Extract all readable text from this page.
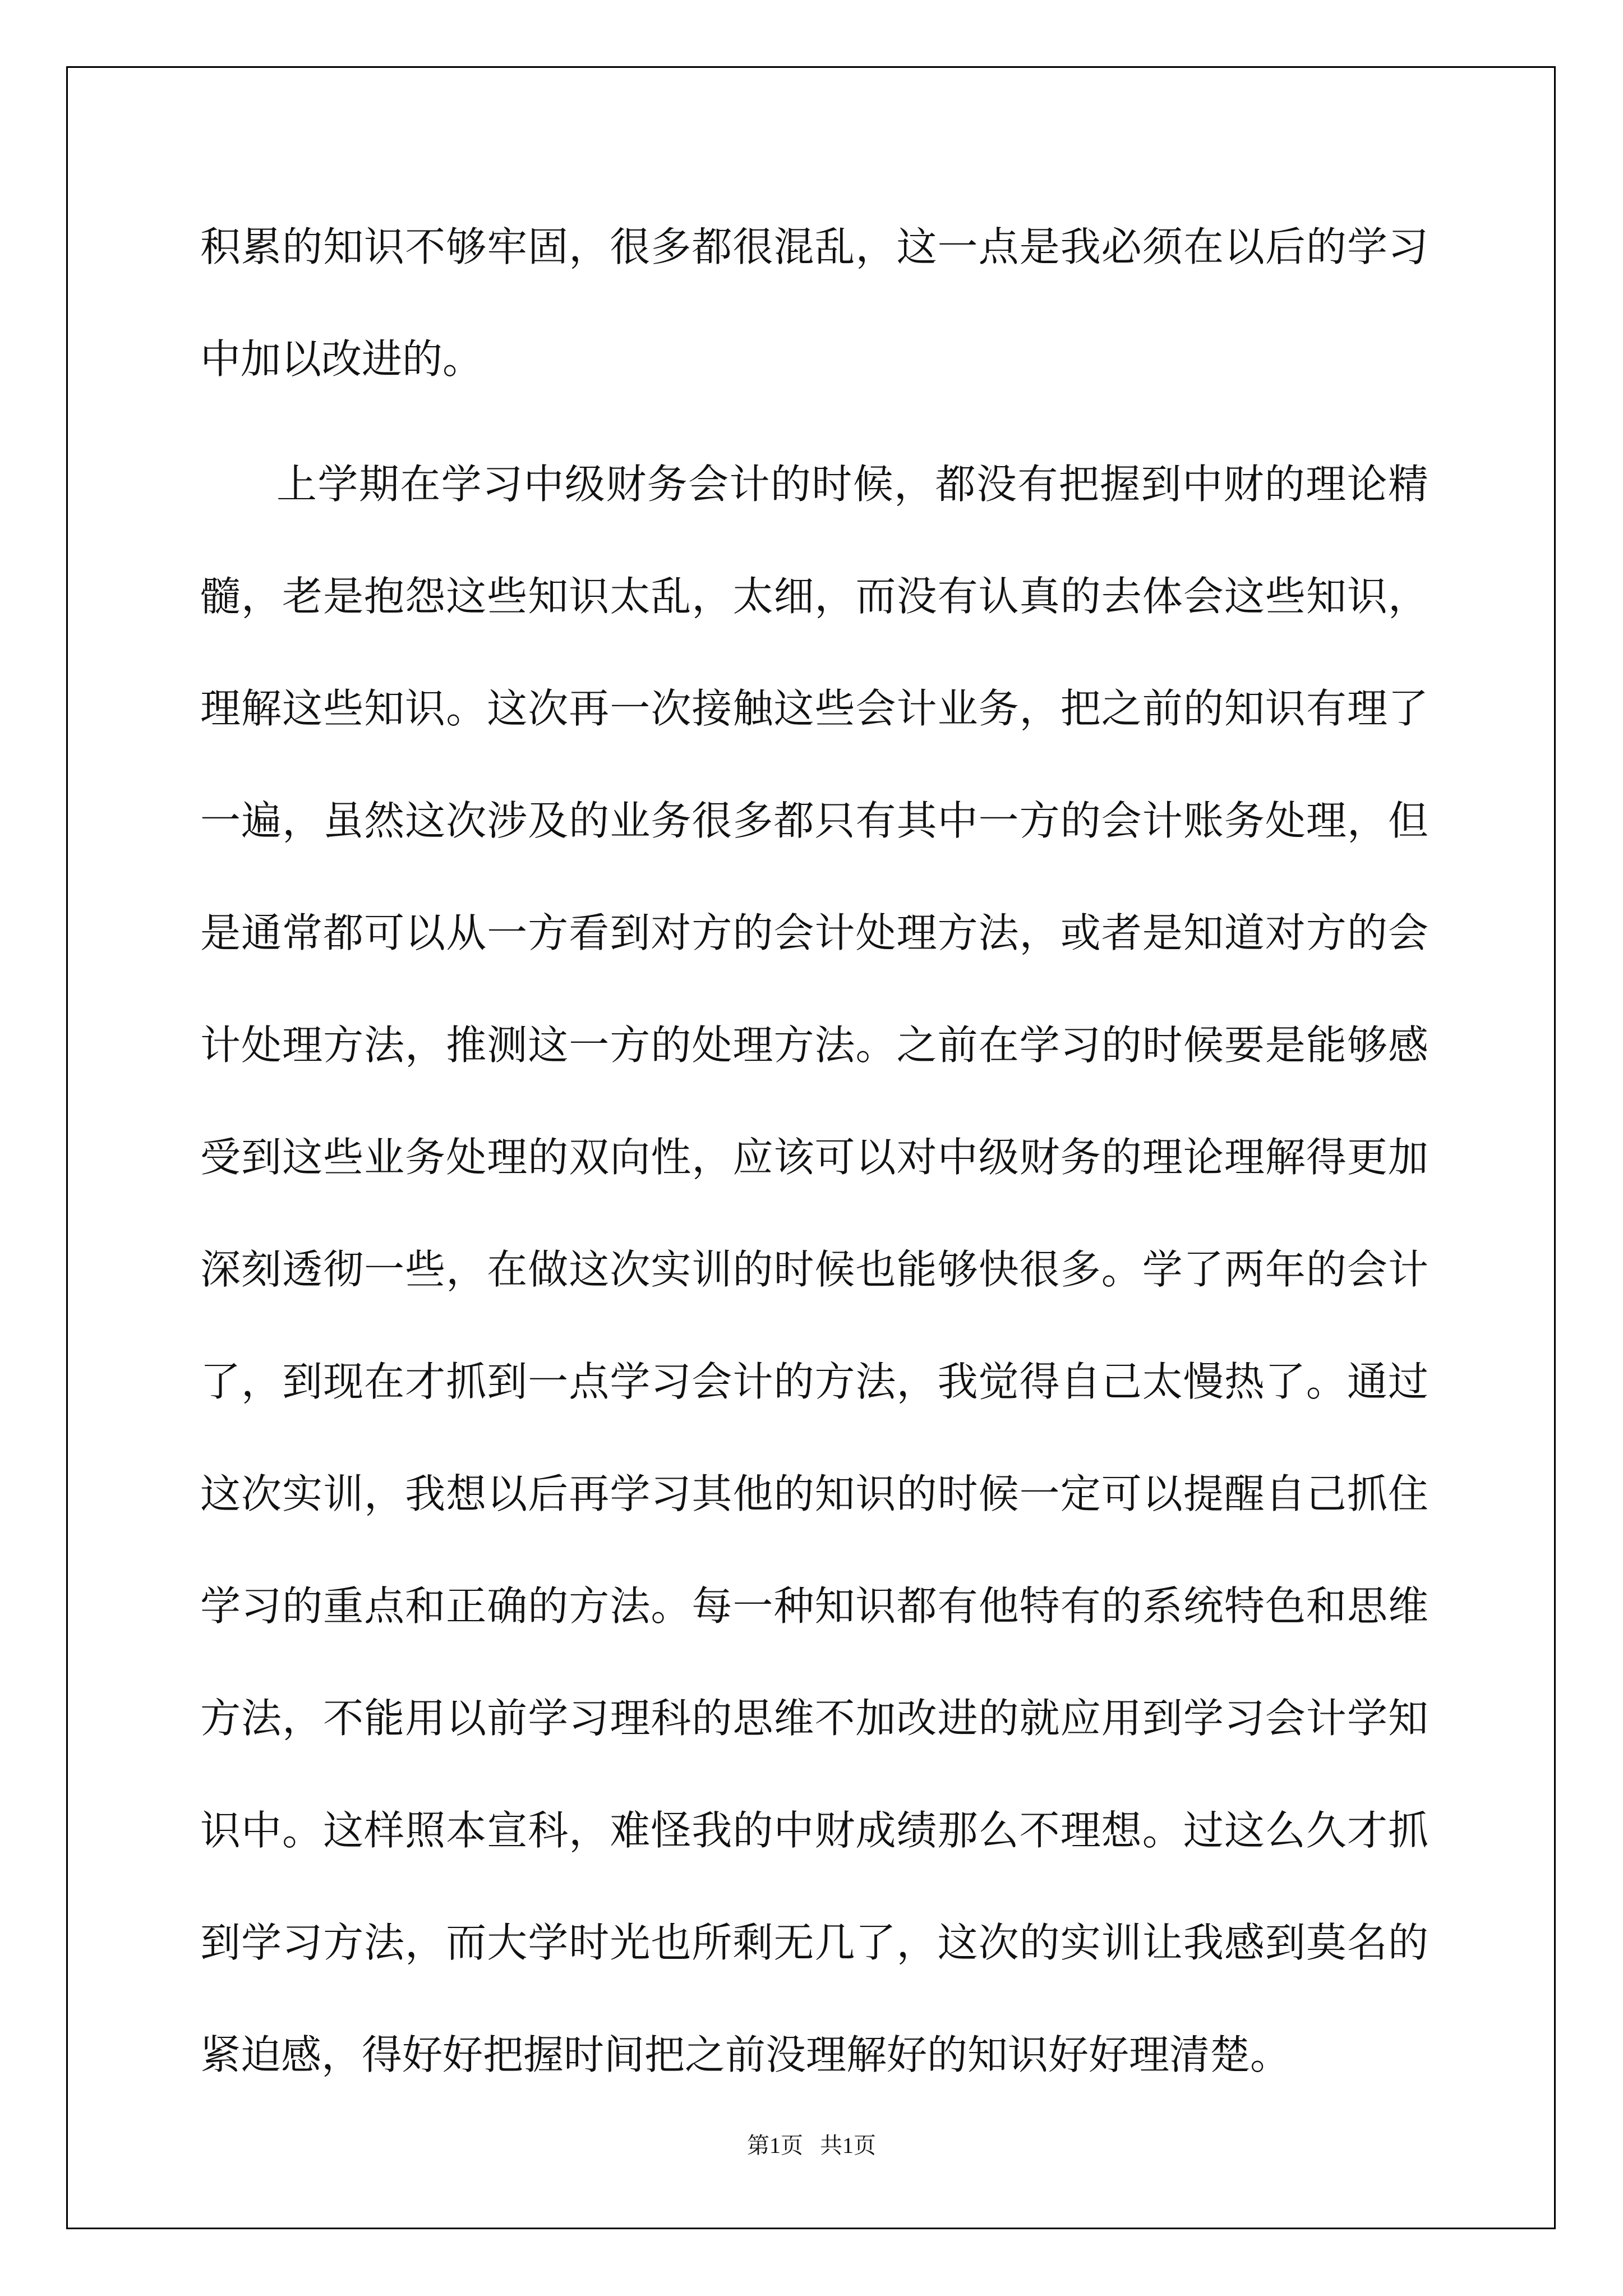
积累的知识不够牢固，很多都很混乱，这一点是我必须在以后的学习
中加以改进的。
上学期在学习中级财务会计的时候，都没有把握到中财的理论精
髓，老是抱怨这些知识太乱，太细，而没有认真的去体会这些知识，
理解这些知识。这次再一次接触这些会计业务，把之前的知识有理了
一遍，虽然这次涉及的业务很多都只有其中一方的会计账务处理，但
是通常都可以从一方看到对方的会计处理方法，或者是知道对方的会
计处理方法，推测这一方的处理方法。之前在学习的时候要是能够感
受到这些业务处理的双向性，应该可以对中级财务的理论理解得更加
深刻透彻一些，在做这次实训的时候也能够快很多。学了两年的会计
了，到现在才抓到一点学习会计的方法，我觉得自己太慢热了。通过
这次实训，我想以后再学习其他的知识的时候一定可以提醒自己抓住
学习的重点和正确的方法。每一种知识都有他特有的系统特色和思维
方法，不能用以前学习理科的思维不加改进的就应用到学习会计学知
识中。这样照本宣科，难怪我的中财成绩那么不理想。过这么久才抓
到学习方法，而大学时光也所剩无几了，这次的实训让我感到莫名的
紧迫感，得好好把握时间把之前没理解好的知识好好理清楚。
第1页   共1页
